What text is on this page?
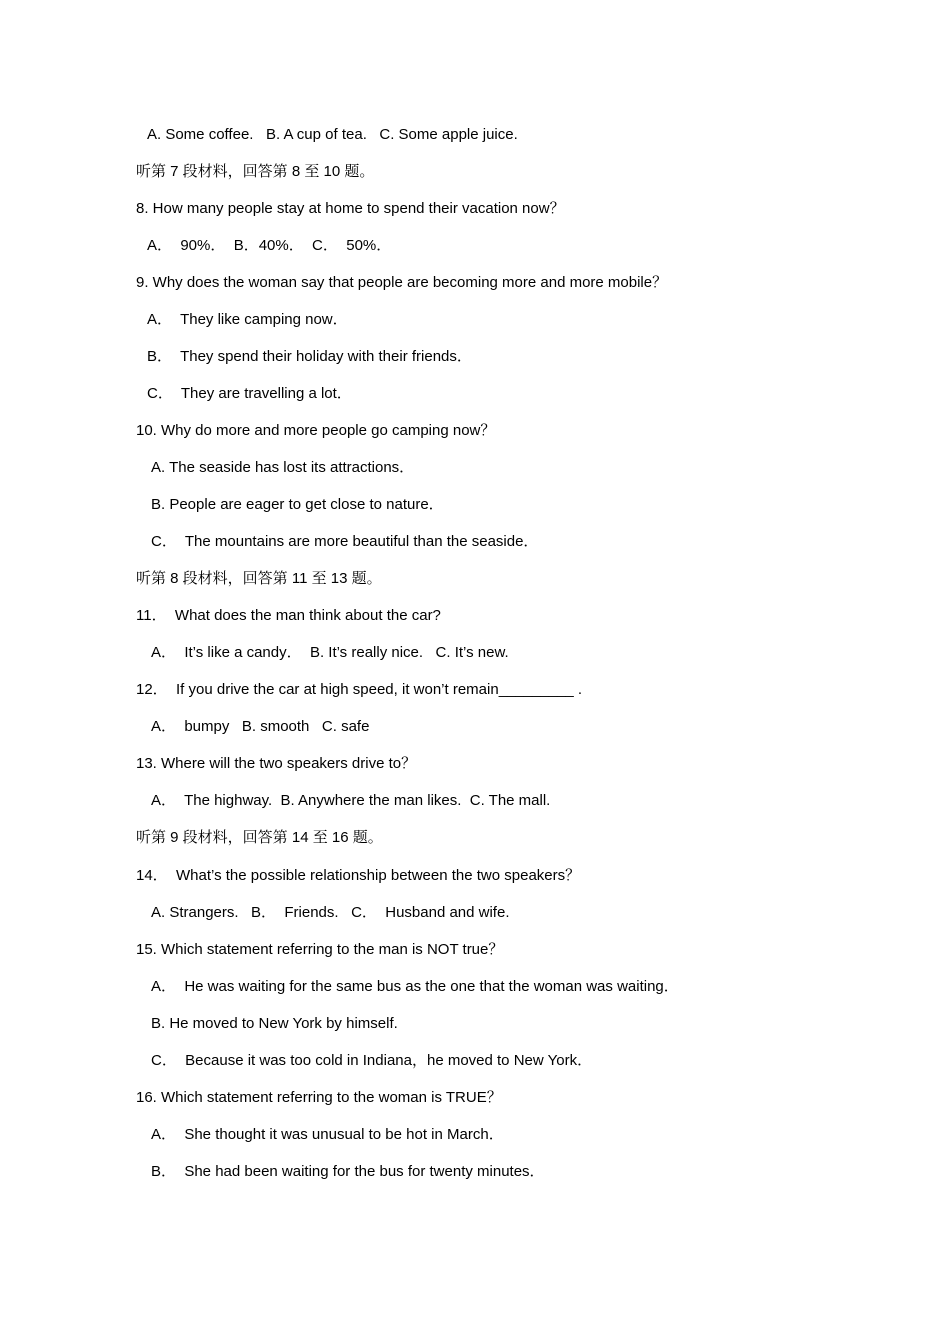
A. Some coffee.   B. A cup of tea.   C. Some apple juice.
听第 7 段材料，回答第 8 至 10 题。
8. How many people stay at home to spend their vacation now？
A．  90%．  B．40%．  C．  50%．
9. Why does the woman say that people are becoming more and more mobile？
A．  They like camping now．
B．  They spend their holiday with their friends．
C．  They are travelling a lot．
10. Why do more and more people go camping now？
A. The seaside has lost its attractions．
B. People are eager to get close to nature．
C．  The mountains are more beautiful than the seaside．
听第 8 段材料，回答第 11 至 13 题。
11．  What does the man think about the car?
A．  It’s like a candy．  B. It’s really nice.   C. It’s new.
12．  If you drive the car at high speed, it won’t remain_________ .
A．  bumpy   B. smooth   C. safe
13. Where will the two speakers drive to？
A．  The highway.  B. Anywhere the man likes.  C. The mall.
听第 9 段材料，回答第 14 至 16 题。
14．  What’s the possible relationship between the two speakers？
A. Strangers.   B．  Friends.   C．  Husband and wife.
15. Which statement referring to the man is NOT true？
A．  He was waiting for the same bus as the one that the woman was waiting．
B. He moved to New York by himself.
C．  Because it was too cold in Indiana，he moved to New York．
16. Which statement referring to the woman is TRUE？
A．  She thought it was unusual to be hot in March．
B．  She had been waiting for the bus for twenty minutes．
